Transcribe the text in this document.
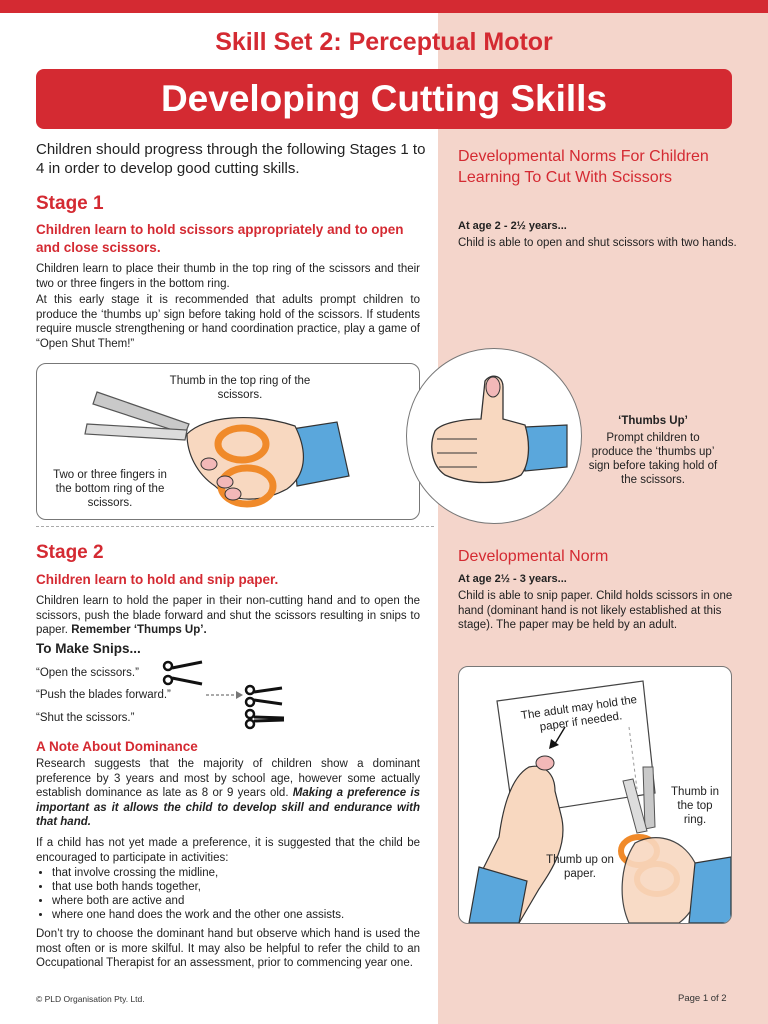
Skill Set 2: Perceptual Motor
Developing Cutting Skills
Children should progress through the following Stages 1 to 4 in order to develop good cutting skills.
Stage 1
Children learn to hold scissors appropriately and to open and close scissors.
Children learn to place their thumb in the top ring of the scissors and their two or three fingers in the bottom ring.
At this early stage it is recommended that adults prompt children to produce the ‘thumbs up’ sign before taking hold of the scissors. If students require muscle strengthening or hand coordination practice, play a game of “Open Shut Them!”
Thumb in the top ring of the scissors.
Two or three fingers in the bottom ring of the scissors.
‘Thumbs Up’
Prompt children to produce the ‘thumbs up’ sign before taking hold of the scissors.
Developmental Norms For Children Learning To Cut With Scissors
At age 2 - 2½ years...
Child is able to open and shut scissors with two hands.
Stage 2
Children learn to hold and snip paper.
Children learn to hold the paper in their non-cutting hand and to open the scissors, push the blade forward and shut the scissors resulting in snips to paper. Remember ‘Thumps Up’.
To Make Snips...
“Open the scissors.”
“Push the blades forward.”
“Shut the scissors.”
A Note About Dominance
Research suggests that the majority of children show a dominant preference by 3 years and most by school age, however some actually establish dominance as late as 8 or 9 years old. Making a preference is important as it allows the child to develop skill and endurance with that hand.
If a child has not yet made a preference, it is suggested that the child be encouraged to participate in activities:
• that involve crossing the midline,
• that use both hands together,
• where both are active and
• where one hand does the work and the other one assists.
Don’t try to choose the dominant hand but observe which hand is used the most often or is more skilful. It may also be helpful to refer the child to an Occupational Therapist for an assessment, prior to commencing year one.
Developmental Norm
At age 2½ - 3 years...
Child is able to snip paper. Child holds scissors in one hand (dominant hand is not likely established at this stage). The paper may be held by an adult.
The adult may hold the paper if needed.
Thumb in the top ring.
Thumb up on paper.
© PLD Organisation Pty. Ltd.	Page 1 of 2
